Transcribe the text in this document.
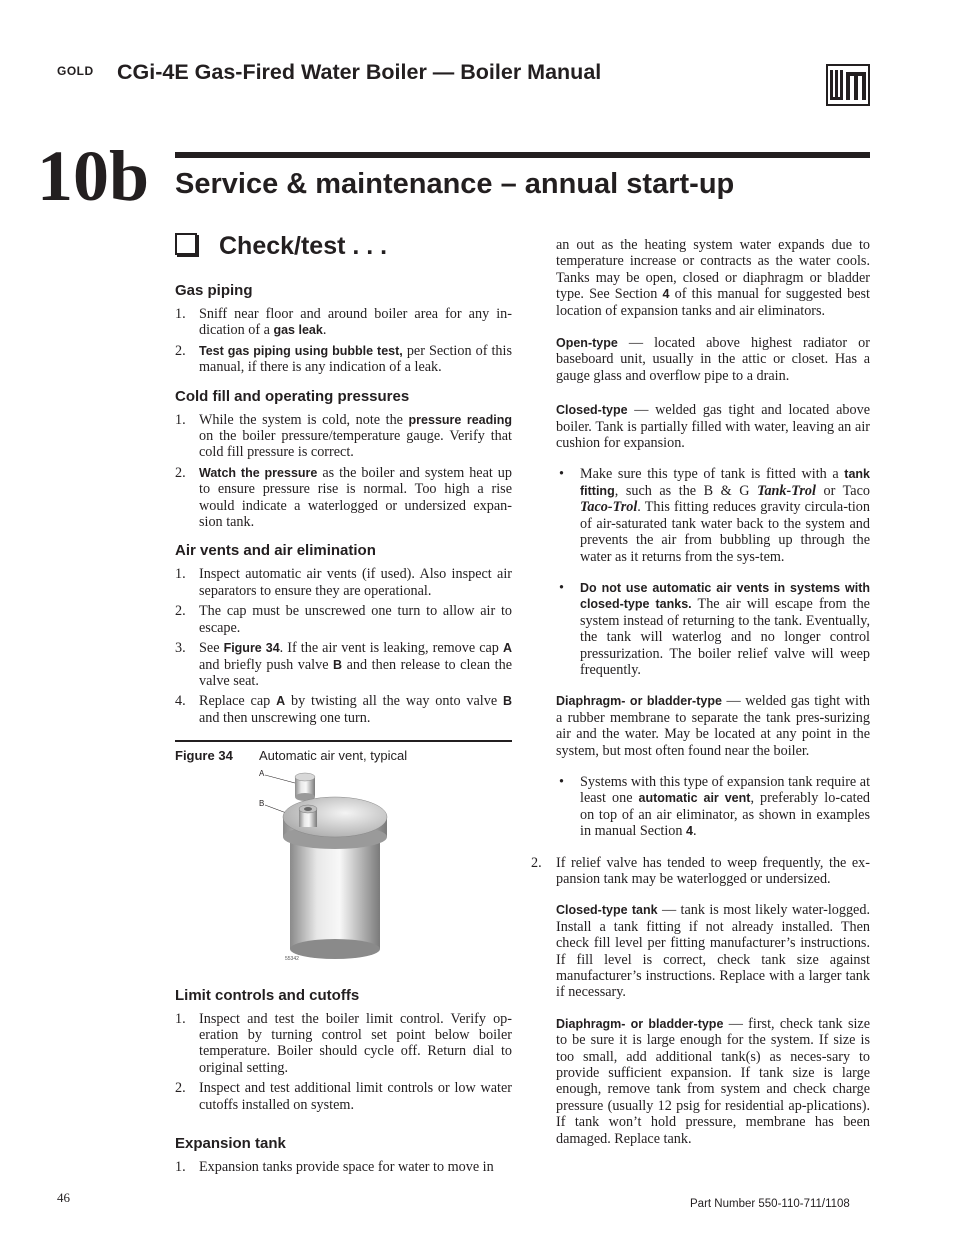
GOLD CGi-4E Gas-Fired Water Boiler — Boiler Manual
10b Service & maintenance – annual start-up
Check/test . . .
Gas piping
1. Sniff near floor and around boiler area for any in-dication of a gas leak.
2. Test gas piping using bubble test, per Section of this manual, if there is any indication of a leak.
Cold fill and operating pressures
1. While the system is cold, note the pressure reading on the boiler pressure/temperature gauge. Verify that cold fill pressure is correct.
2. Watch the pressure as the boiler and system heat up to ensure pressure rise is normal. Too high a rise would indicate a waterlogged or undersized expan-sion tank.
Air vents and air elimination
1. Inspect automatic air vents (if used). Also inspect air separators to ensure they are operational.
2. The cap must be unscrewed one turn to allow air to escape.
3. See Figure 34. If the air vent is leaking, remove cap A and briefly push valve B and then release to clean the valve seat.
4. Replace cap A by twisting all the way onto valve B and then unscrewing one turn.
Figure 34 Automatic air vent, typical
A
B
55342
Limit controls and cutoffs
1. Inspect and test the boiler limit control. Verify op-eration by turning control set point below boiler temperature. Boiler should cycle off. Return dial to original setting.
2. Inspect and test additional limit controls or low water cutoffs installed on system.
Expansion tank
1. Expansion tanks provide space for water to move in
an out as the heating system water expands due to temperature increase or contracts as the water cools. Tanks may be open, closed or diaphragm or bladder type. See Section 4 of this manual for suggested best location of expansion tanks and air eliminators.
Open-type — located above highest radiator or baseboard unit, usually in the attic or closet. Has a gauge glass and overflow pipe to a drain.
Closed-type — welded gas tight and located above boiler. Tank is partially filled with water, leaving an air cushion for expansion.
• Make sure this type of tank is fitted with a tank fitting, such as the B & G Tank-Trol or Taco Taco-Trol. This fitting reduces gravity circula-tion of air-saturated tank water back to the system and prevents the air from bubbling up through the water as it returns from the sys-tem.
• Do not use automatic air vents in systems with closed-type tanks. The air will escape from the system instead of returning to the tank. Eventually, the tank will waterlog and no longer control pressurization. The boiler relief valve will weep frequently.
Diaphragm- or bladder-type — welded gas tight with a rubber membrane to separate the tank pres-surizing air and the water. May be located at any point in the system, but most often found near the boiler.
• Systems with this type of expansion tank require at least one automatic air vent, preferably lo-cated on top of an air eliminator, as shown in examples in manual Section 4.
2. If relief valve has tended to weep frequently, the ex-pansion tank may be waterlogged or undersized.
Closed-type tank — tank is most likely water-logged. Install a tank fitting if not already installed. Then check fill level per fitting manufacturer’s instructions. If fill level is correct, check tank size against manufacturer’s instructions. Replace with a larger tank if necessary.
Diaphragm- or bladder-type — first, check tank size to be sure it is large enough for the system. If size is too small, add additional tank(s) as neces-sary to provide sufficient expansion. If tank size is large enough, remove tank from system and check charge pressure (usually 12 psig for residential ap-plications). If tank won’t hold pressure, membrane has been damaged. Replace tank.
46	Part Number 550-110-711/1108
